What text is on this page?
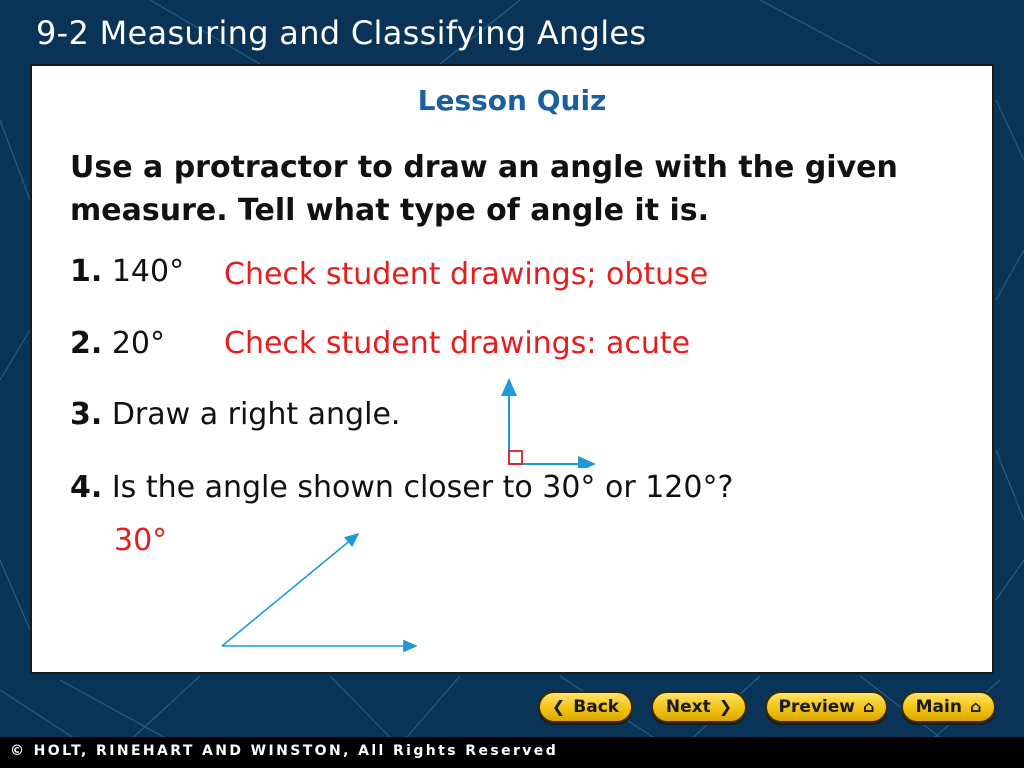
9-2 Measuring and Classifying Angles
Lesson Quiz
Use a protractor to draw an angle with the given measure. Tell what type of angle it is.
1. 140° Check student drawings; obtuse
2. 20° Check student drawings: acute
3. Draw a right angle.
4. Is the angle shown closer to 30° or 120°?
30°
❮ Back	Next ❯	Preview ⌂ Main ⌂
© HOLT, RINEHART AND WINSTON, All Rights Reserved
